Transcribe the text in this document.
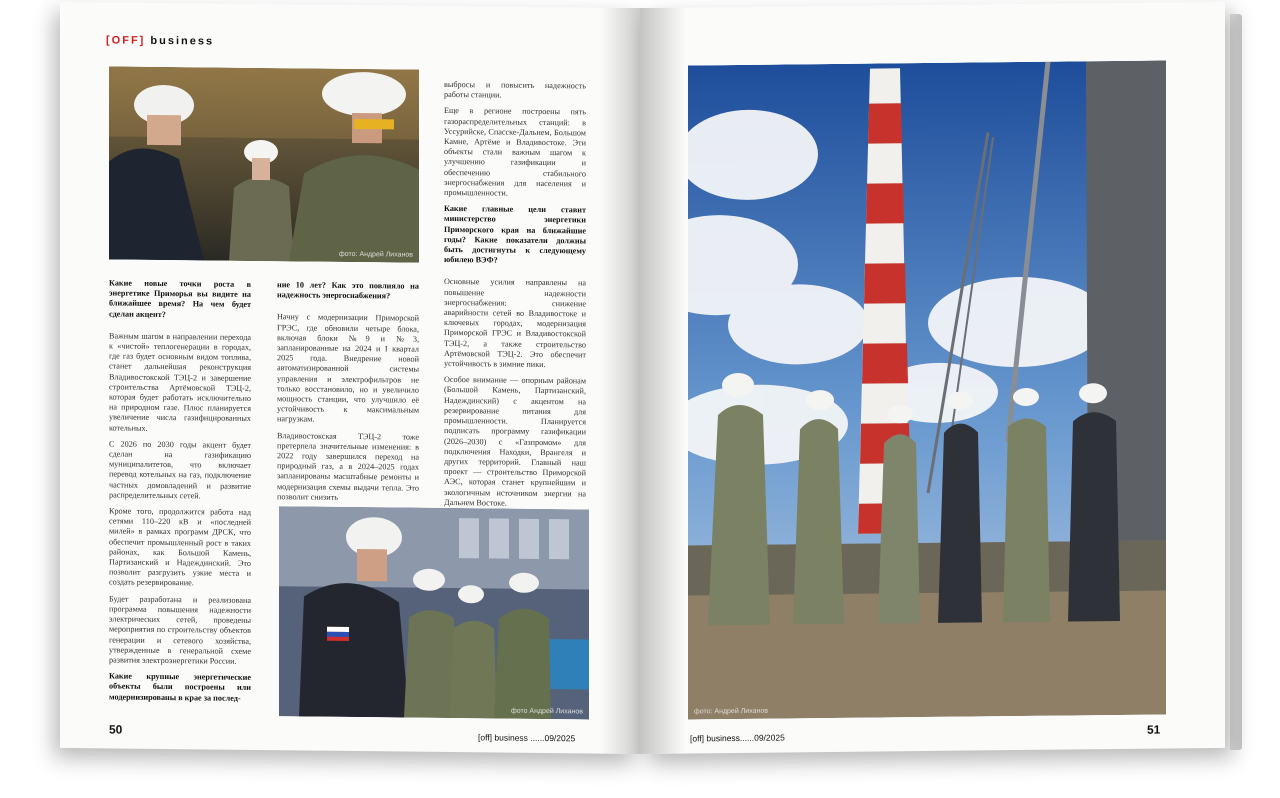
[OFF] business
фото: Андрей Лиханов

Какие новые точки роста в энергетике Приморья вы видите на ближайшее время? На чем будет сделан акцент?

Важным шагом в направлении перехода к «чистой» теплогенерации в городах, где газ будет основным видом топлива, станет дальнейшая реконструкция Владивостокской ТЭЦ-2 и завершение строительства Артёмовской ТЭЦ-2, которая будет работать исключительно на природном газе. Плюс планируется увеличение числа газифицированных котельных.

С 2026 по 2030 годы акцент будет сделан на газификацию муниципалитетов, что включает перевод котельных на газ, подключение частных домовладений и развитие распределительных сетей.

Кроме того, продолжится работа над сетями 110–220 кВ и «последней милей» в рамках программ ДРСК, что обеспечит промышленный рост в таких районах, как Большой Камень, Партизанский и Надеждинский. Это позволит разгрузить узкие места и создать резервирование.

Будет разработана и реализована программа повышения надежности электрических сетей, проведены мероприятия по строительству объектов генерации и сетевого хозяйства, утвержденные в генеральной схеме развития электроэнергетики России.

Какие крупные энергетические объекты были построены или модернизированы в крае за послед-

ние 10 лет? Как это повлияло на надежность энергоснабжения?

Начну с модернизации Приморской ГРЭС, где обновили четыре блока, включая блоки №9 и №3, запланированные на 2024 и I квартал 2025 года. Внедрение новой автоматизированной системы управления и электрофильтров не только восстановило, но и увеличило мощность станции, что улучшило её устойчивость к максимальным нагрузкам.

Владивостокская ТЭЦ-2 тоже претерпела значительные изменения: в 2022 году завершился переход на природный газ, а в 2024–2025 годах запланированы масштабные ремонты и модернизация схемы выдачи тепла. Это позволит снизить

выбросы и повысить надежность работы станции.

Еще в регионе построены пять газораспределительных станций: в Уссурийске, Спасске-Дальнем, Большом Камне, Артёме и Владивостоке. Эти объекты стали важным шагом к улучшению газификации и обеспечению стабильного энергоснабжения для населения и промышленности.

Какие главные цели ставит министерство энергетики Приморского края на ближайшие годы? Какие показатели должны быть достигнуты к следующему юбилею ВЭФ?

Основные усилия направлены на повышение надежности энергоснабжения: снижение аварийности сетей во Владивостоке и ключевых городах, модернизация Приморской ГРЭС и Владивостокской ТЭЦ-2, а также строительство Артёмовской ТЭЦ-2. Это обеспечит устойчивость в зимние пики.

Особое внимание — опорным районам (Большой Камень, Партизанский, Надеждинский) с акцентом на резервирование питания для промышленности. Планируется подписать программу газификации (2026–2030) с «Газпромом» для подключения Находки, Врангеля и других территорий. Главный наш проект — строительство Приморской АЭС, которая станет крупнейшим и экологичным источником энергии на Дальнем Востоке.

фото Андрей Лиханов
50
[off] business ......09/2025
фото: Андрей Лиханов
[off] business......09/2025
51
